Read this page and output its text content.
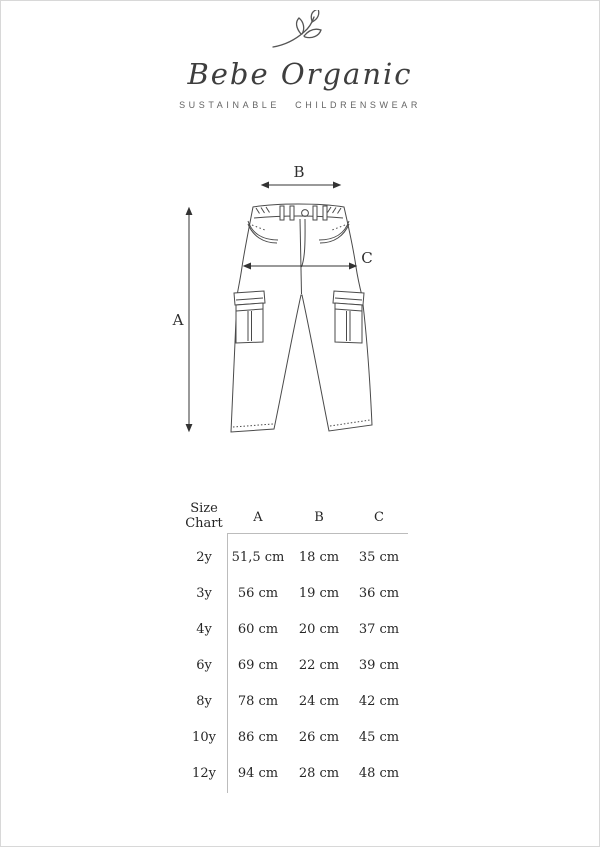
Bebe Organic
SUSTAINABLE CHILDRENSWEAR
B
A
C
Size
Chart	A	B	C
2y	51,5 cm	18 cm	35 cm
3y	56 cm	19 cm	36 cm
4y	60 cm	20 cm	37 cm
6y	69 cm	22 cm	39 cm
8y	78 cm	24 cm	42 cm
10y	86 cm	26 cm	45 cm
12y	94 cm	28 cm	48 cm
